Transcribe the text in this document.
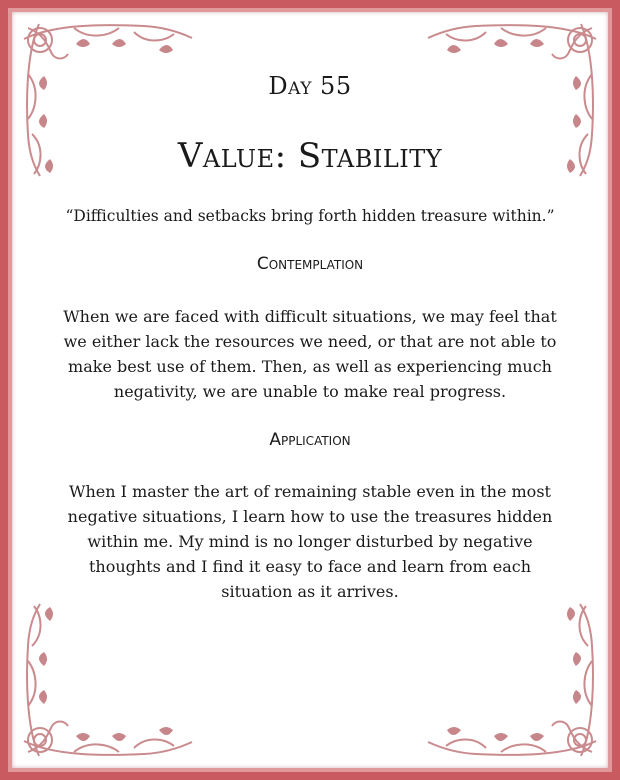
Day 55
Value: Stability
“Difficulties and setbacks bring forth hidden treasure within.”
Contemplation
When we are faced with difficult situations, we may feel that we either lack the resources we need, or that are not able to make best use of them. Then, as well as experiencing much negativity, we are unable to make real progress.
Application
When I master the art of remaining stable even in the most negative situations, I learn how to use the treasures hidden within me. My mind is no longer disturbed by negative thoughts and I find it easy to face and learn from each situation as it arrives.
